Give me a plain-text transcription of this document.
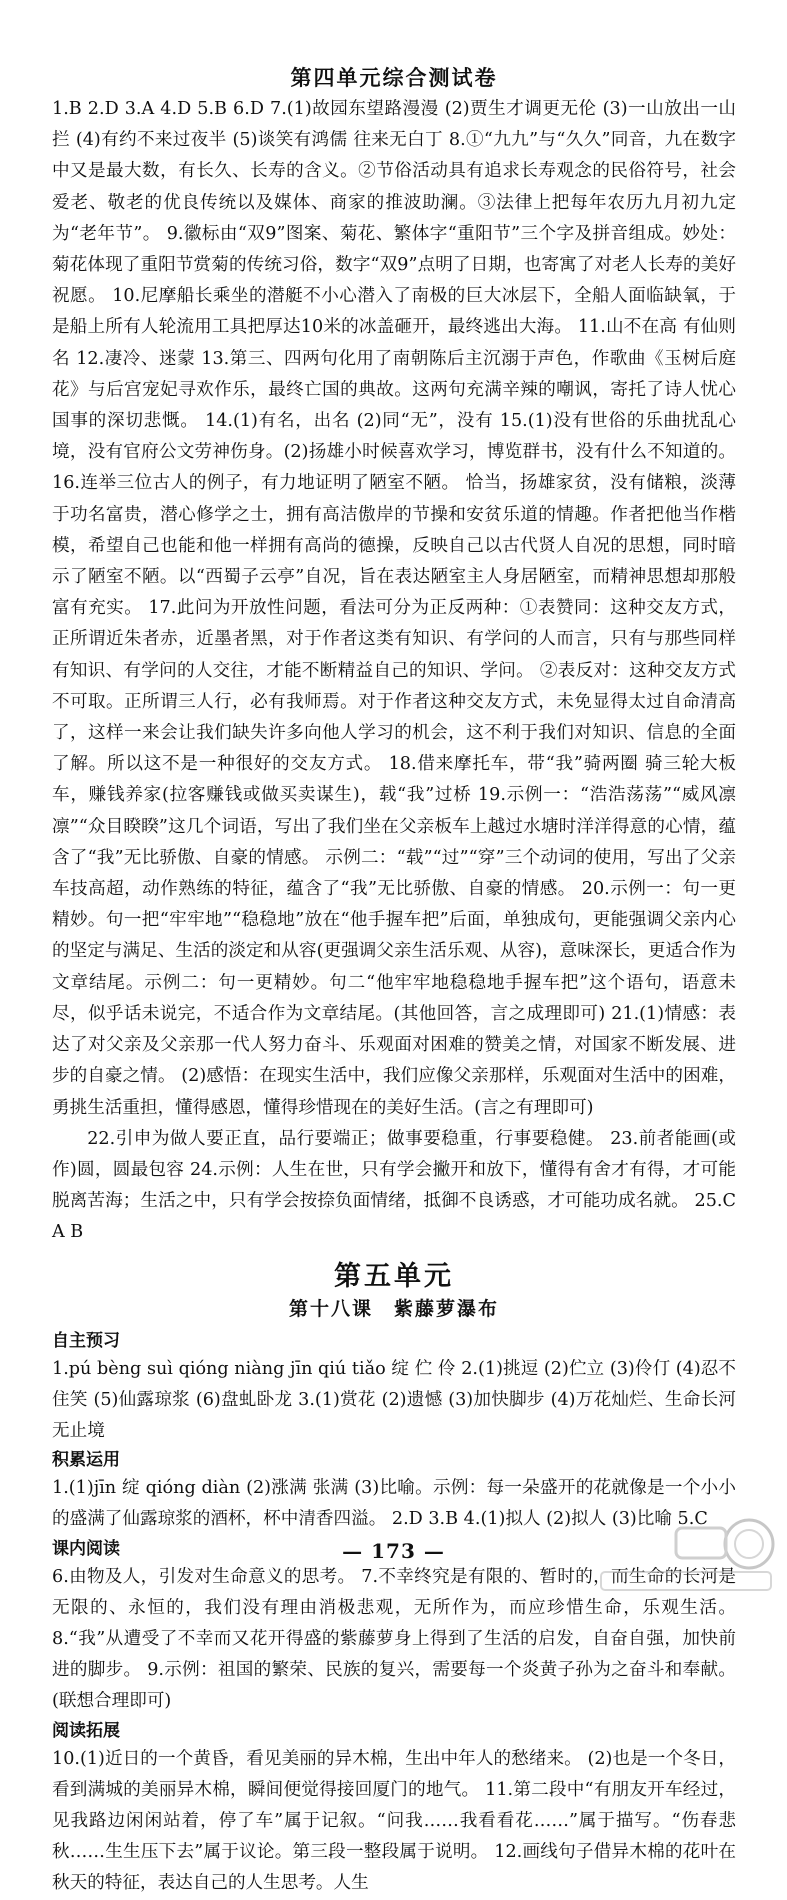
第四单元综合测试卷

1.B 2.D 3.A 4.D 5.B 6.D 7.(1)故园东望路漫漫 (2)贾生才调更无伦 (3)一山放出一山拦 (4)有约不来过夜半 (5)谈笑有鸿儒 往来无白丁 8.①“九九”与“久久”同音，九在数字中又是最大数，有长久、长寿的含义。②节俗活动具有追求长寿观念的民俗符号，社会爱老、敬老的优良传统以及媒体、商家的推波助澜。③法律上把每年农历九月初九定为“老年节”。 9.徽标由“双9”图案、菊花、繁体字“重阳节”三个字及拼音组成。妙处：菊花体现了重阳节赏菊的传统习俗，数字“双9”点明了日期，也寄寓了对老人长寿的美好祝愿。 10.尼摩船长乘坐的潜艇不小心潜入了南极的巨大冰层下，全船人面临缺氧，于是船上所有人轮流用工具把厚达10米的冰盖砸开，最终逃出大海。 11.山不在高 有仙则名 12.凄冷、迷蒙 13.第三、四两句化用了南朝陈后主沉溺于声色，作歌曲《玉树后庭花》与后宫宠妃寻欢作乐，最终亡国的典故。这两句充满辛辣的嘲讽，寄托了诗人忧心国事的深切悲慨。 14.(1)有名，出名 (2)同“无”，没有 15.(1)没有世俗的乐曲扰乱心境，没有官府公文劳神伤身。(2)扬雄小时候喜欢学习，博览群书，没有什么不知道的。 16.连举三位古人的例子，有力地证明了陋室不陋。 恰当，扬雄家贫，没有储粮，淡薄于功名富贵，潜心修学之士，拥有高洁傲岸的节操和安贫乐道的情趣。作者把他当作楷模，希望自己也能和他一样拥有高尚的德操，反映自己以古代贤人自况的思想，同时暗示了陋室不陋。以“西蜀子云亭”自况，旨在表达陋室主人身居陋室，而精神思想却那般富有充实。 17.此问为开放性问题，看法可分为正反两种：①表赞同：这种交友方式，正所谓近朱者赤，近墨者黑，对于作者这类有知识、有学问的人而言，只有与那些同样有知识、有学问的人交往，才能不断精益自己的知识、学问。 ②表反对：这种交友方式不可取。正所谓三人行，必有我师焉。对于作者这种交友方式，未免显得太过自命清高了，这样一来会让我们缺失许多向他人学习的机会，这不利于我们对知识、信息的全面了解。所以这不是一种很好的交友方式。 18.借来摩托车，带“我”骑两圈 骑三轮大板车，赚钱养家(拉客赚钱或做买卖谋生)，载“我”过桥 19.示例一：“浩浩荡荡”“威风凛凛”“众目睽睽”这几个词语，写出了我们坐在父亲板车上越过水塘时洋洋得意的心情，蕴含了“我”无比骄傲、自豪的情感。 示例二：“载”“过”“穿”三个动词的使用，写出了父亲车技高超，动作熟练的特征，蕴含了“我”无比骄傲、自豪的情感。 20.示例一：句一更精妙。句一把“牢牢地”“稳稳地”放在“他手握车把”后面，单独成句，更能强调父亲内心的坚定与满足、生活的淡定和从容(更强调父亲生活乐观、从容)，意味深长，更适合作为文章结尾。示例二：句一更精妙。句二“他牢牢地稳稳地手握车把”这个语句，语意未尽，似乎话未说完，不适合作为文章结尾。(其他回答，言之成理即可) 21.(1)情感：表达了对父亲及父亲那一代人努力奋斗、乐观面对困难的赞美之情，对国家不断发展、进步的自豪之情。 (2)感悟：在现实生活中，我们应像父亲那样，乐观面对生活中的困难，勇挑生活重担，懂得感恩，懂得珍惜现在的美好生活。(言之有理即可)

22.引申为做人要正直，品行要端正；做事要稳重，行事要稳健。 23.前者能画(或作)圆，圆最包容 24.示例：人生在世，只有学会撇开和放下，懂得有舍才有得，才可能脱离苦海；生活之中，只有学会按捺负面情绪，抵御不良诱惑，才可能功成名就。 25.C A B

第五单元
第十八课　紫藤萝瀑布
自主预习

1.pú bèng suì qióng niàng jīn qiú tiǎo 绽 伫 伶 2.(1)挑逗 (2)伫立 (3)伶仃 (4)忍不住笑 (5)仙露琼浆 (6)盘虬卧龙 3.(1)赏花 (2)遗憾 (3)加快脚步 (4)万花灿烂、生命长河无止境

积累运用

1.(1)jīn 绽 qióng diàn (2)涨满 张满 (3)比喻。示例：每一朵盛开的花就像是一个小小的盛满了仙露琼浆的酒杯，杯中清香四溢。 2.D 3.B 4.(1)拟人 (2)拟人 (3)比喻 5.C

课内阅读

6.由物及人，引发对生命意义的思考。 7.不幸终究是有限的、暂时的，而生命的长河是无限的、永恒的，我们没有理由消极悲观，无所作为，而应珍惜生命，乐观生活。 8.“我”从遭受了不幸而又花开得盛的紫藤萝身上得到了生活的启发，自奋自强，加快前进的脚步。 9.示例：祖国的繁荣、民族的复兴，需要每一个炎黄子孙为之奋斗和奉献。(联想合理即可)

阅读拓展

10.(1)近日的一个黄昏，看见美丽的异木棉，生出中年人的愁绪来。 (2)也是一个冬日，看到满城的美丽异木棉，瞬间便觉得接回厦门的地气。 11.第二段中“有朋友开车经过，见我路边闲闲站着，停了车”属于记叙。“问我……我看看花……”属于描写。“伤春悲秋……生生压下去”属于议论。第三段一整段属于说明。 12.画线句子借异木棉的花叶在秋天的特征，表达自己的人生思考。人生

— 173 —
